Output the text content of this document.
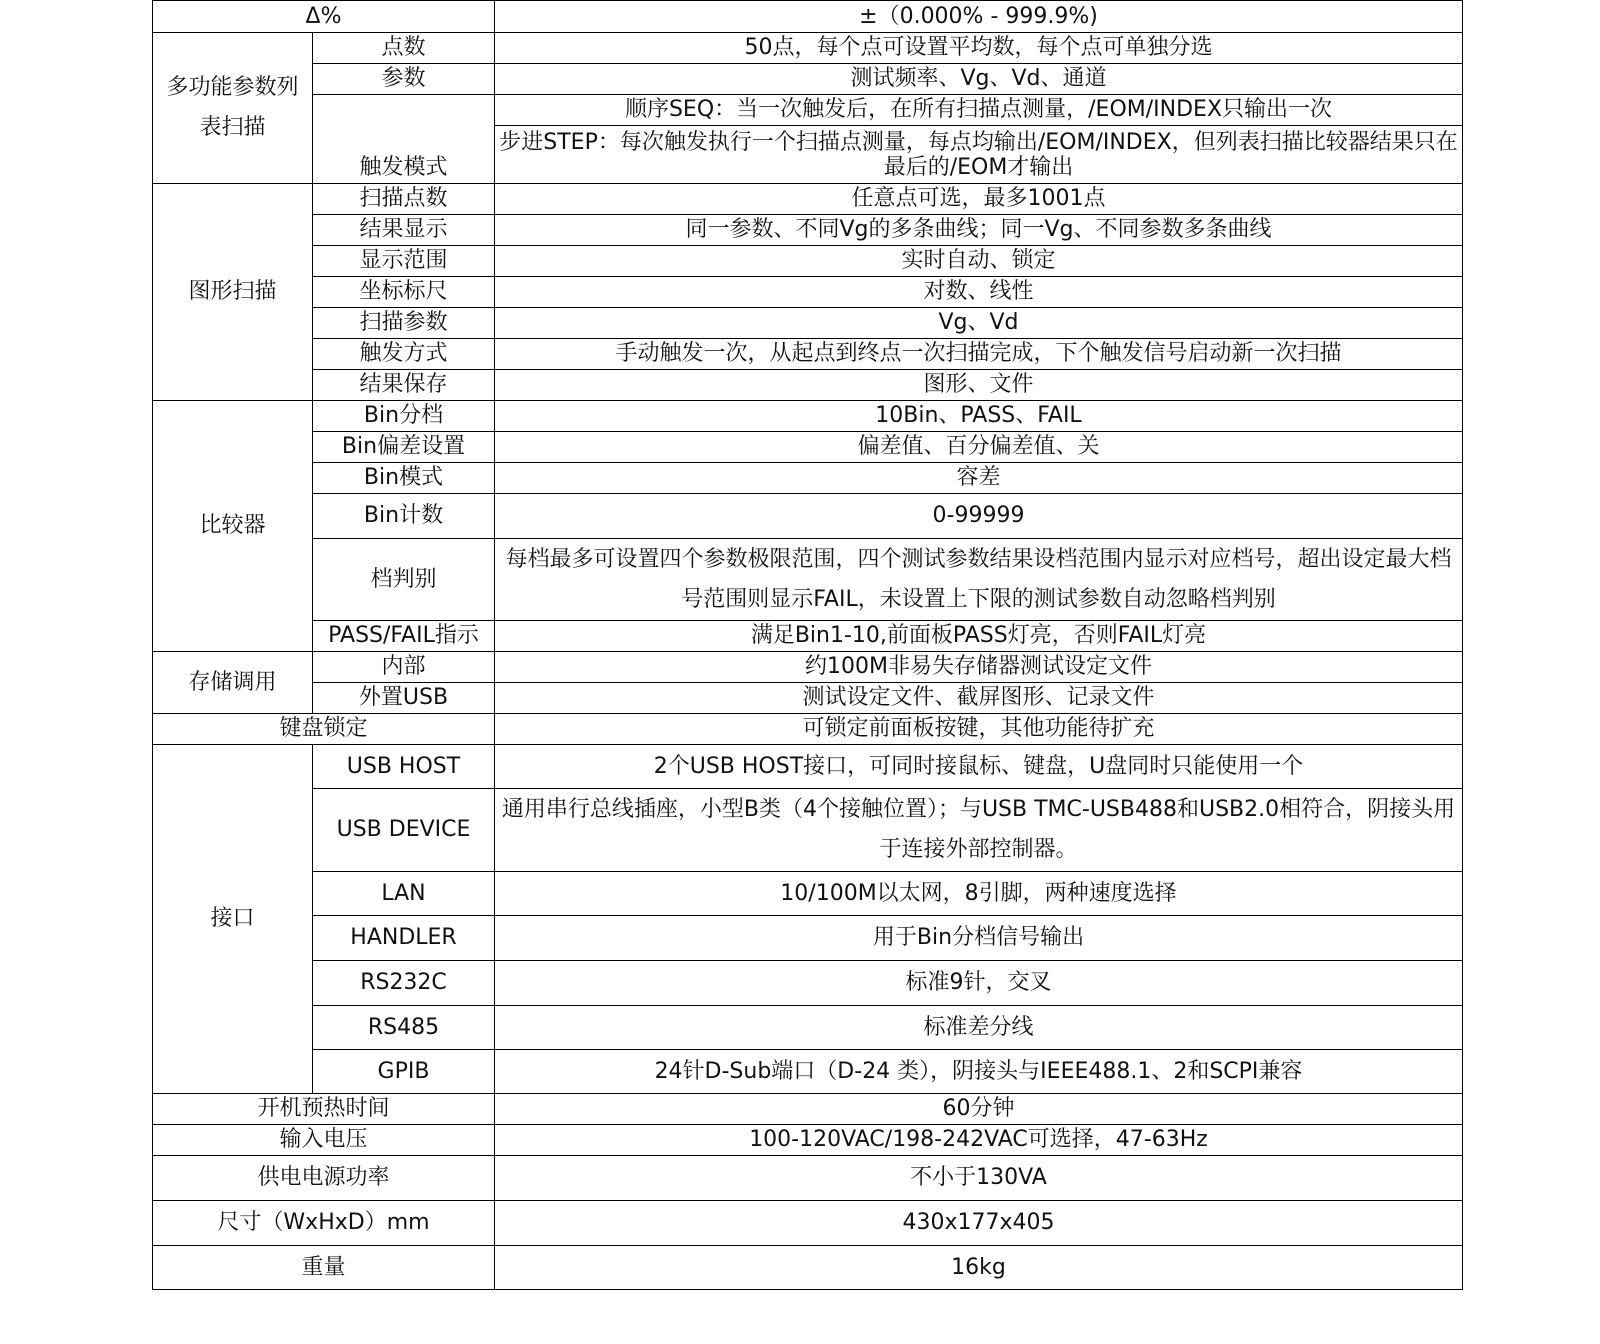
Δ%		±（0.000% - 999.9%)

多功能参数列表扫描	点数	50点，每个点可设置平均数，每个点可单独分选
	参数	测试频率、Vg、Vd、通道
	触发模式	顺序SEQ：当一次触发后，在所有扫描点测量，/EOM/INDEX只输出一次
		步进STEP：每次触发执行一个扫描点测量，每点均输出/EOM/INDEX，但列表扫描比较器结果只在最后的/EOM才输出
图形扫描	扫描点数	任意点可选，最多1001点
	结果显示	同一参数、不同Vg的多条曲线；同一Vg、不同参数多条曲线
	显示范围	实时自动、锁定
	坐标标尺	对数、线性
	扫描参数	Vg、Vd
	触发方式	手动触发一次，从起点到终点一次扫描完成，下个触发信号启动新一次扫描
	结果保存	图形、文件
比较器	Bin分档	10Bin、PASS、FAIL
	Bin偏差设置	偏差值、百分偏差值、关
	Bin模式	容差
	Bin计数	0-99999
	档判别	每档最多可设置四个参数极限范围，四个测试参数结果设档范围内显示对应档号，超出设定最大档号范围则显示FAIL，未设置上下限的测试参数自动忽略档判别
	PASS/FAIL指示	满足Bin1-10,前面板PASS灯亮，否则FAIL灯亮
存储调用	内部	约100M非易失存储器测试设定文件
	外置USB	测试设定文件、截屏图形、记录文件
键盘锁定		可锁定前面板按键，其他功能待扩充
接口	USB HOST	2个USB HOST接口，可同时接鼠标、键盘，U盘同时只能使用一个
	USB DEVICE	通用串行总线插座，小型B类（4个接触位置）；与USB TMC-USB488和USB2.0相符合，阴接头用于连接外部控制器。
	LAN	10/100M以太网，8引脚，两种速度选择
	HANDLER	用于Bin分档信号输出
	RS232C	标准9针，交叉
	RS485	标准差分线
	GPIB	24针D-Sub端口（D-24 类），阴接头与IEEE488.1、2和SCPI兼容
开机预热时间		60分钟
输入电压		100-120VAC/198-242VAC可选择，47-63Hz
供电电源功率		不小于130VA
尺寸（WxHxD）mm		430x177x405
重量		16kg
